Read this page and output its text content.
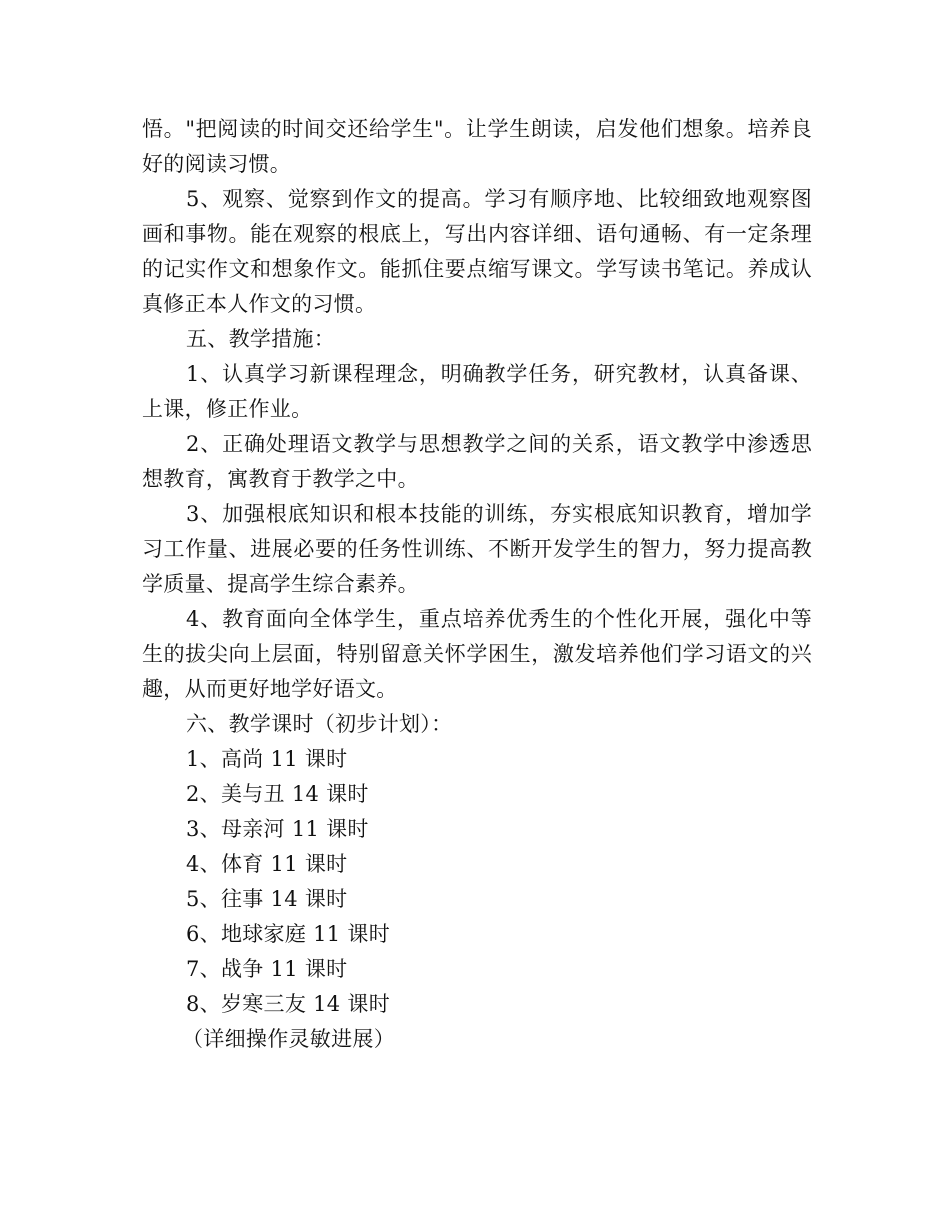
悟。"把阅读的时间交还给学生"。让学生朗读，启发他们想象。培养良好的阅读习惯。

5、观察、觉察到作文的提高。学习有顺序地、比较细致地观察图画和事物。能在观察的根底上，写出内容详细、语句通畅、有一定条理的记实作文和想象作文。能抓住要点缩写课文。学写读书笔记。养成认真修正本人作文的习惯。

五、教学措施：

1、认真学习新课程理念，明确教学任务，研究教材，认真备课、上课，修正作业。

2、正确处理语文教学与思想教学之间的关系，语文教学中渗透思想教育，寓教育于教学之中。

3、加强根底知识和根本技能的训练，夯实根底知识教育，增加学习工作量、进展必要的任务性训练、不断开发学生的智力，努力提高教学质量、提高学生综合素养。

4、教育面向全体学生，重点培养优秀生的个性化开展，强化中等生的拔尖向上层面，特别留意关怀学困生，激发培养他们学习语文的兴趣，从而更好地学好语文。

六、教学课时（初步计划）：

1、高尚 11 课时
2、美与丑 14 课时
3、母亲河 11 课时
4、体育 11 课时
5、往事 14 课时
6、地球家庭 11 课时
7、战争 11 课时
8、岁寒三友 14 课时

（详细操作灵敏进展）
